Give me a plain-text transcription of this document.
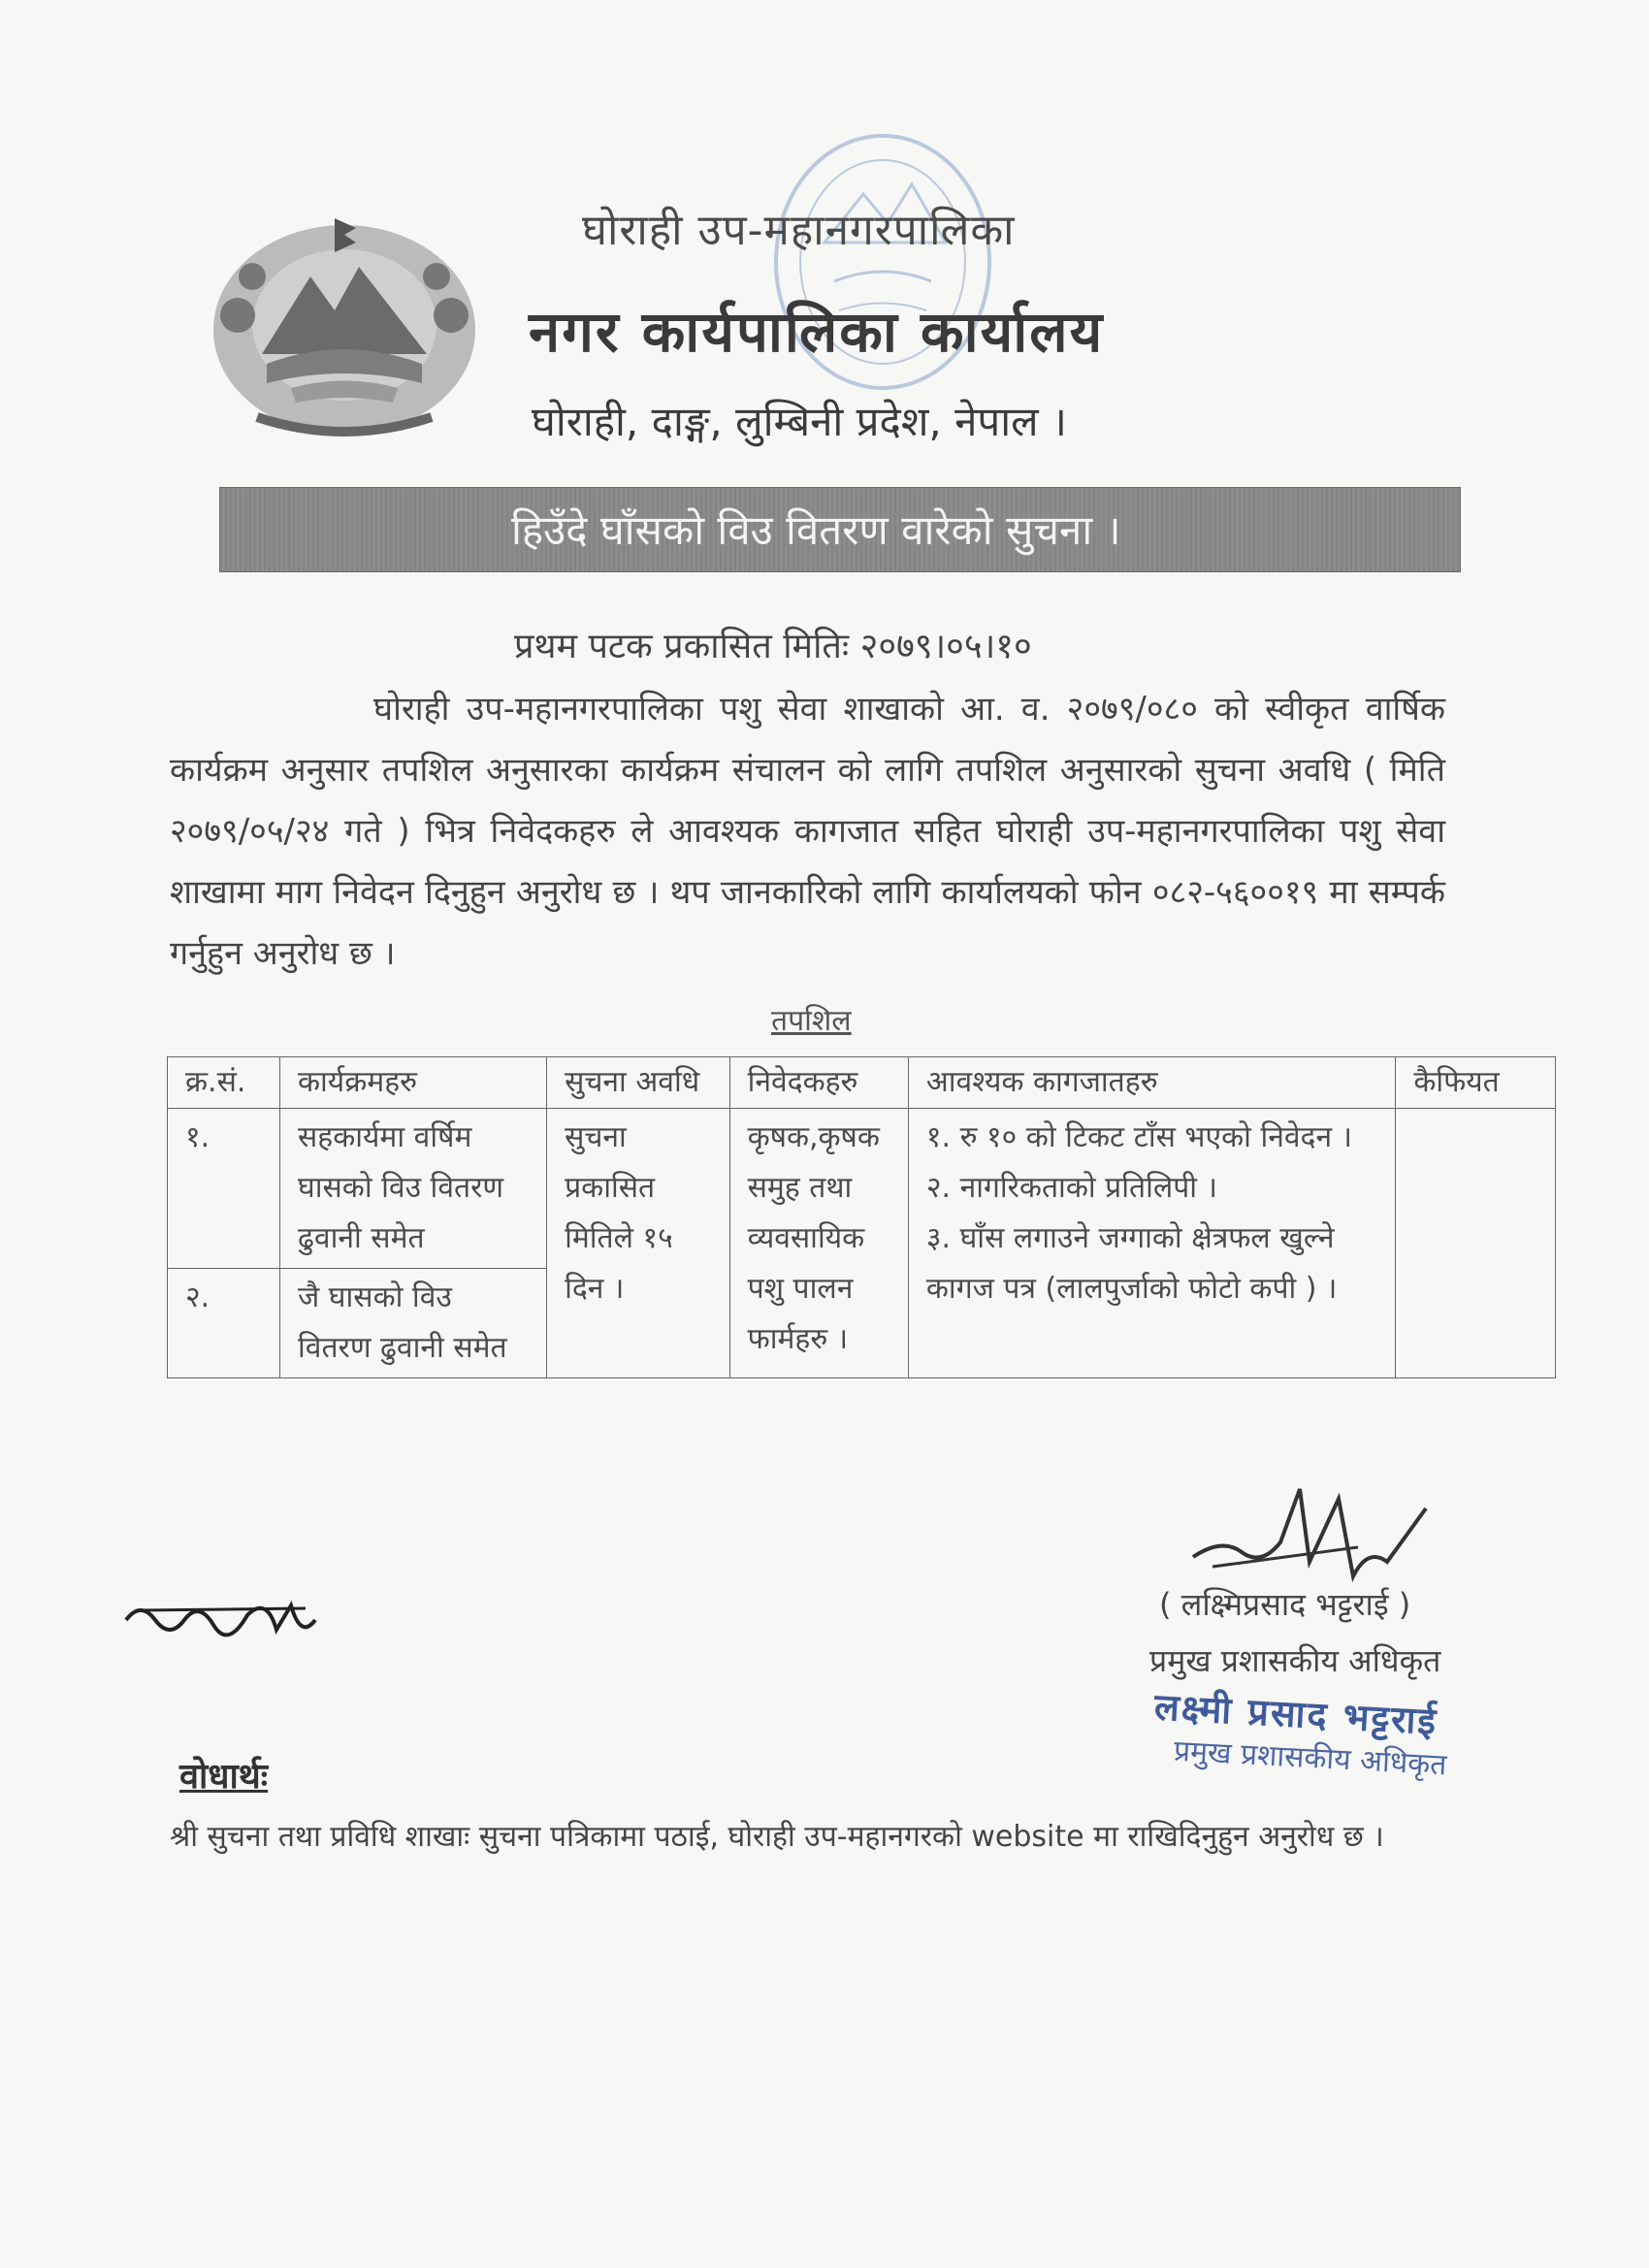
घोराही उप-महानगरपालिका
नगर कार्यपालिका कार्यालय
घोराही, दाङ्ग, लुम्बिनी प्रदेश, नेपाल ।
हिउँदे घाँसको विउ वितरण वारेको सुचना ।
प्रथम पटक प्रकासित मितिः २०७९।०५।१०
घोराही उप-महानगरपालिका पशु सेवा शाखाको आ. व. २०७९/०८० को स्वीकृत वार्षिक कार्यक्रम अनुसार तपशिल अनुसारका कार्यक्रम संचालन को लागि तपशिल अनुसारको सुचना अवधि ( मिति २०७९/०५/२४ गते ) भित्र निवेदकहरु ले आवश्यक कागजात सहित घोराही उप-महानगरपालिका पशु सेवा शाखामा माग निवेदन दिनुहुन अनुरोध छ । थप जानकारिको लागि कार्यालयको फोन ०८२-५६००१९ मा सम्पर्क गर्नुहुन अनुरोध छ ।
तपशिल
क्र.सं.	कार्यक्रमहरु	सुचना अवधि	निवेदकहरु	आवश्यक कागजातहरु	कैफियत
१.	सहकार्यमा वर्षिम घासको विउ वितरण ढुवानी समेत	सुचना प्रकासित मितिले १५ दिन ।	कृषक,कृषक समुह तथा व्यवसायिक पशु पालन फार्महरु ।	१. रु १० को टिकट टाँस भएको निवेदन ।
२. नागरिकताको प्रतिलिपी ।
३. घाँस लगाउने जग्गाको क्षेत्रफल खुल्ने कागज पत्र (लालपुर्जाको फोटो कपी ) ।	

२.	जै घासको विउ वितरण ढुवानी समेत				
( लक्ष्मिप्रसाद भट्टराई )
प्रमुख प्रशासकीय अधिकृत
लक्ष्मी प्रसाद भट्टराई
प्रमुख प्रशासकीय अधिकृत
वोधार्थः
श्री सुचना तथा प्रविधि शाखाः सुचना पत्रिकामा पठाई, घोराही उप-महानगरको website मा राखिदिनुहुन अनुरोध छ ।
